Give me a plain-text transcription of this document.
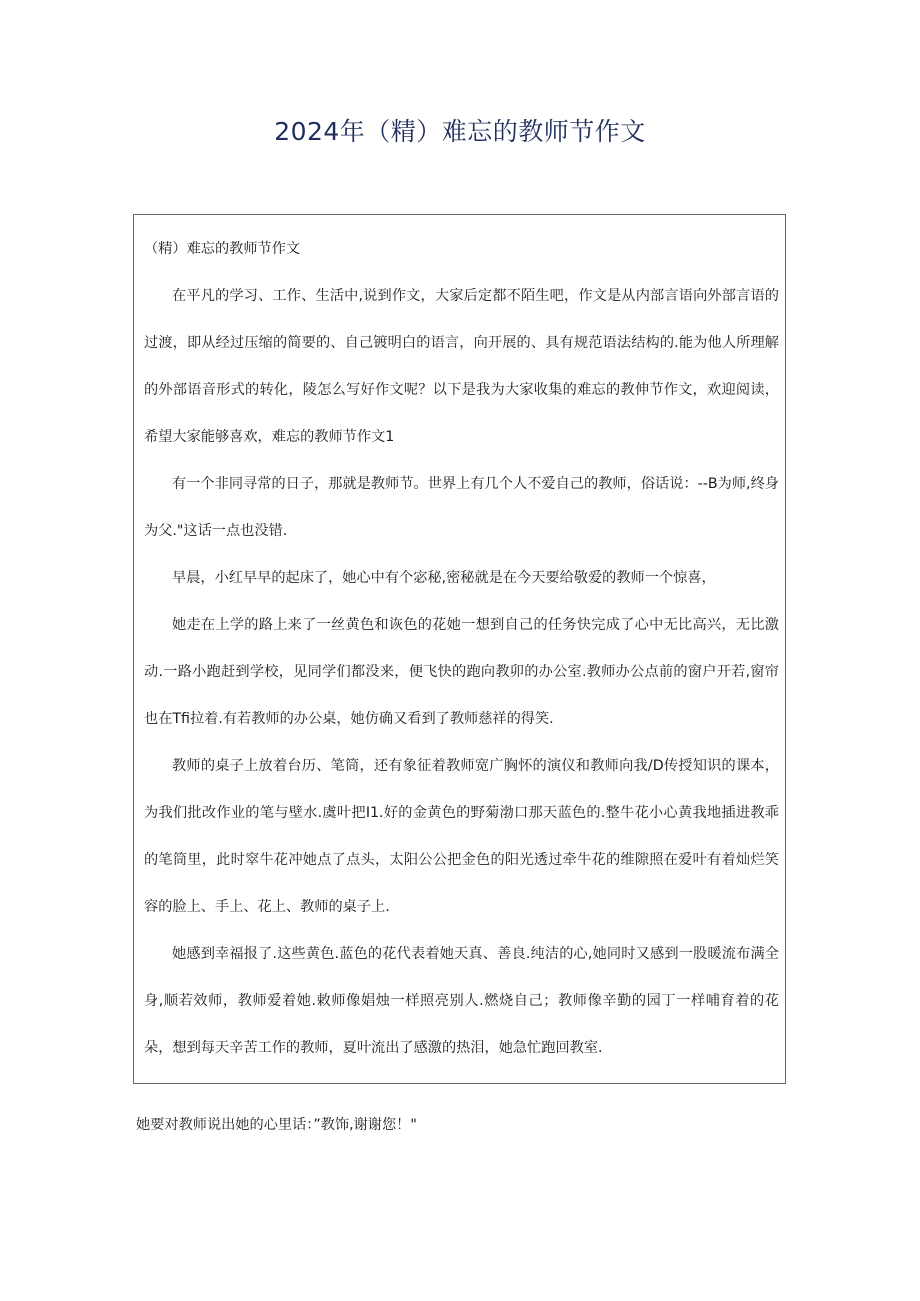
2024年（精）难忘的教师节作文

（精）难忘的教师节作文

在平凡的学习、工作、生活中,说到作文，大家后定都不陌生吧，作文是从内部言语向外部言语的过渡，即从经过压缩的简要的、自己镀明白的语言，向开展的、具有规范语法结构的.能为他人所理解的外部语音形式的转化，陵怎么写好作文呢？以下是我为大家收集的难忘的教伸节作文，欢迎阅读，希望大家能够喜欢，难忘的教师节作文1

有一个非同寻常的日子，那就是教师节。世界上有几个人不爱自己的教师，俗话说：--B为师,终身为父."这话一点也没错.

早晨，小红早早的起床了，她心中有个宓秘,密秘就是在今天要给敬爱的教师一个惊喜，

她走在上学的路上来了一丝黄色和诙色的花她一想到自己的任务快完成了心中无比高兴，无比激动.一路小跑赶到学校，见同学们都没来，便飞快的跑向教卯的办公室.教师办公点前的窗户开若,窗帘也在Tfi拉着.有若教师的办公桌，她仿确又看到了教师慈祥的得笑.

教师的桌子上放着台历、笔筒，还有象征着教师宽广胸怀的演仪和教师向我/D传授知识的课本，为我们批改作业的笔与壁水.虞叶把I1.好的金黄色的野菊渤口那天蓝色的.整牛花小心黄我地插进教乖的笔筒里，此时窣牛花冲她点了点头，太阳公公把金色的阳光透过牵牛花的维隙照在爱叶有着灿烂笑容的脸上、手上、花上、教师的桌子上.

她感到幸福报了.这些黄色.蓝色的花代表着她天真、善良.纯洁的心,她同时又感到一股暖流布满全身,顺若效师，教师爱着她.敕师像娼烛一样照亮别人.燃烧自己；教师像辛勤的园丁一样哺育着的花朵，想到每天辛苦工作的教师，夏叶流出了感激的热泪，她急忙跑回教室.

她要对教师说出她的心里话：”教饰,谢谢您！"
